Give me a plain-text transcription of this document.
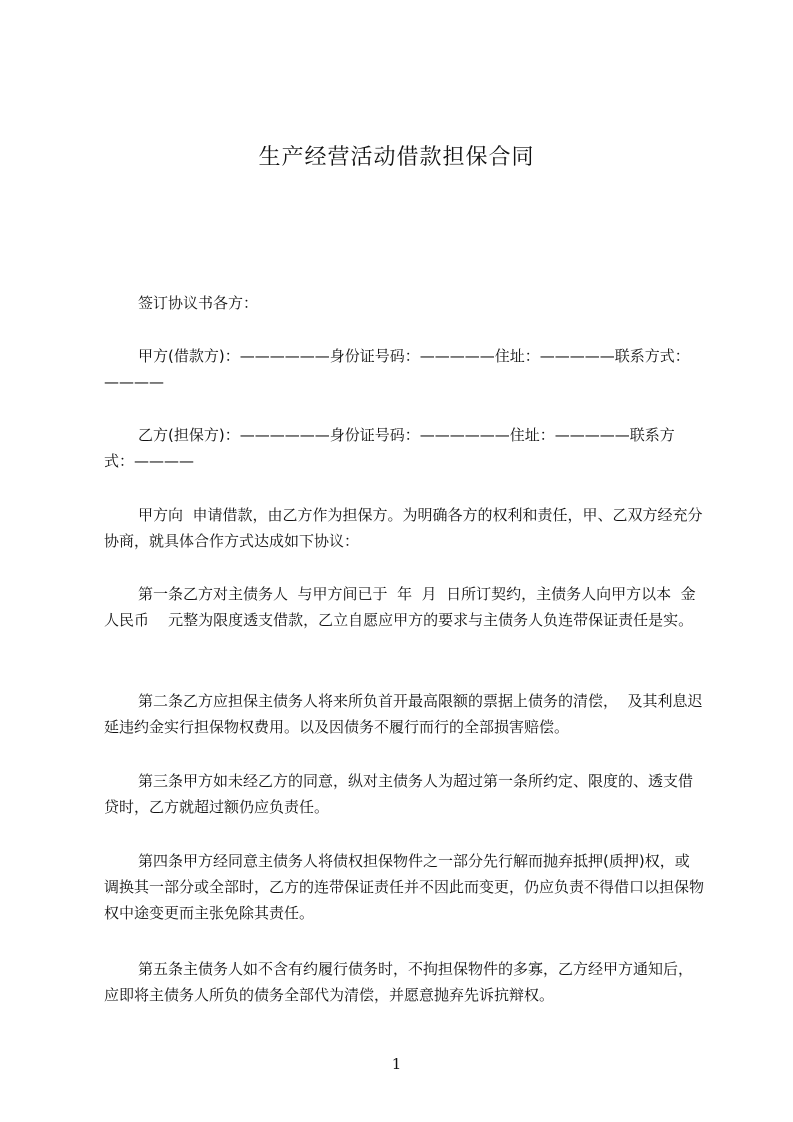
生产经营活动借款担保合同

签订协议书各方：

甲方(借款方)：——————身份证号码：—————住址：—————联系方式：————

乙方(担保方)：——————身份证号码：——————住址：—————联系方式：————

甲方向  申请借款，由乙方作为担保方。为明确各方的权利和责任，甲、乙双方经充分协商，就具体合作方式达成如下协议：

第一条乙方对主债务人  与甲方间已于  年  月  日所订契约，主债务人向甲方以本  金人民币    元整为限度透支借款，乙立自愿应甲方的要求与主债务人负连带保证责任是实。

第二条乙方应担保主债务人将来所负首开最高限额的票据上债务的清偿，  及其利息迟延违约金实行担保物权费用。以及因债务不履行而行的全部损害赔偿。

第三条甲方如未经乙方的同意，纵对主债务人为超过第一条所约定、限度的、透支借贷时，乙方就超过额仍应负责任。

第四条甲方经同意主债务人将债权担保物件之一部分先行解而抛弃抵押(质押)权，或调换其一部分或全部时，乙方的连带保证责任并不因此而变更，仍应负责不得借口以担保物权中途变更而主张免除其责任。

第五条主债务人如不含有约履行债务时，不拘担保物件的多寡，乙方经甲方通知后，应即将主债务人所负的债务全部代为清偿，并愿意抛弃先诉抗辩权。

1
